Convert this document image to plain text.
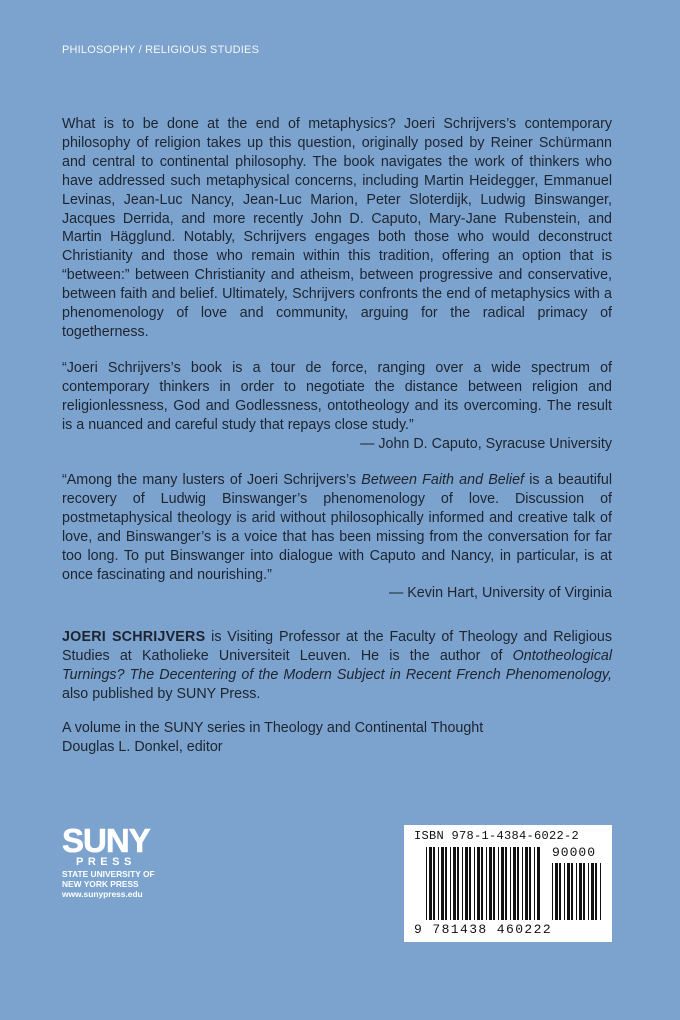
PHILOSOPHY / RELIGIOUS STUDIES

What is to be done at the end of metaphysics? Joeri Schrijvers’s contemporary philosophy of religion takes up this question, originally posed by Reiner Schürmann and central to continental philosophy. The book navigates the work of thinkers who have addressed such metaphysical concerns, including Martin Heidegger, Emmanuel Levinas, Jean-Luc Nancy, Jean-Luc Marion, Peter Sloterdijk, Ludwig Binswanger, Jacques Derrida, and more recently John D. Caputo, Mary-Jane Rubenstein, and Martin Hägglund. Notably, Schrijvers engages both those who would deconstruct Christianity and those who remain within this tradition, offering an option that is “between:” between Christianity and atheism, between progressive and conservative, between faith and belief. Ultimately, Schrijvers confronts the end of metaphysics with a phenomenology of love and community, arguing for the radical primacy of togetherness.

“Joeri Schrijvers’s book is a tour de force, ranging over a wide spectrum of contemporary thinkers in order to negotiate the distance between religion and religionlessness, God and Godlessness, ontotheology and its overcoming. The result is a nuanced and careful study that repays close study.”

— John D. Caputo, Syracuse University

“Among the many lusters of Joeri Schrijvers’s Between Faith and Belief is a beautiful recovery of Ludwig Binswanger’s phenomenology of love. Discussion of postmetaphysical theology is arid without philosophically informed and creative talk of love, and Binswanger’s is a voice that has been missing from the conversation for far too long. To put Binswanger into dialogue with Caputo and Nancy, in particular, is at once fascinating and nourishing.”

— Kevin Hart, University of Virginia

JOERI SCHRIJVERS is Visiting Professor at the Faculty of Theology and Religious Studies at Katholieke Universiteit Leuven. He is the author of Ontotheological Turnings? The Decentering of the Modern Subject in Recent French Phenomenology, also published by SUNY Press.

A volume in the SUNY series in Theology and Continental Thought
Douglas L. Donkel, editor
SUNY
PRESS
STATE UNIVERSITY OF
NEW YORK PRESS
www.sunypress.edu
ISBN 978-1-4384-6022-2
90000
9 781438 460222
